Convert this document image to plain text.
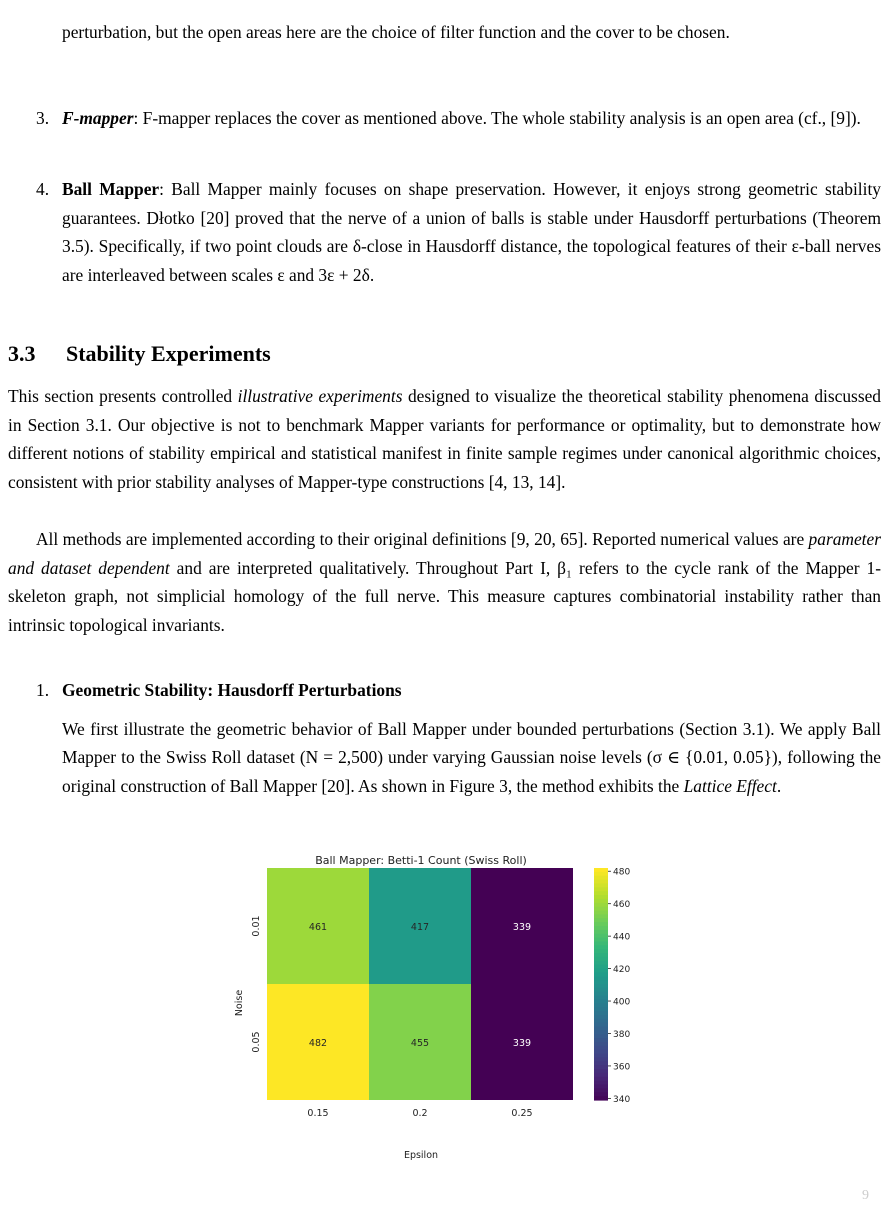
perturbation, but the open areas here are the choice of filter function and the cover to be chosen.

3. F-mapper: F-mapper replaces the cover as mentioned above. The whole stability analysis is an open area (cf., [9]).
4. Ball Mapper: Ball Mapper mainly focuses on shape preservation. However, it enjoys strong geometric stability guarantees. Dłotko [20] proved that the nerve of a union of balls is stable under Hausdorff perturbations (Theorem 3.5). Specifically, if two point clouds are δ-close in Hausdorff distance, the topological features of their ε-ball nerves are interleaved between scales ε and 3ε + 2δ.
3.3 Stability Experiments

This section presents controlled illustrative experiments designed to visualize the theoretical stability phenomena discussed in Section 3.1. Our objective is not to benchmark Mapper variants for performance or optimality, but to demonstrate how different notions of stability empirical and statistical manifest in finite sample regimes under canonical algorithmic choices, consistent with prior stability analyses of Mapper-type constructions [4, 13, 14].

All methods are implemented according to their original definitions [9, 20, 65]. Reported numerical values are parameter and dataset dependent and are interpreted qualitatively. Throughout Part I, β₁ refers to the cycle rank of the Mapper 1-skeleton graph, not simplicial homology of the full nerve. This measure captures combinatorial instability rather than intrinsic topological invariants.

1. Geometric Stability: Hausdorff Perturbations
We first illustrate the geometric behavior of Ball Mapper under bounded perturbations (Section 3.1). We apply Ball Mapper to the Swiss Roll dataset (N = 2,500) under varying Gaussian noise levels (σ ∈ {0.01, 0.05}), following the original construction of Ball Mapper [20]. As shown in Figure 3, the method exhibits the Lattice Effect.
Ball Mapper: Betti-1 Count (Swiss Roll)
Epsilon
Noise
461	417	339
482	455	339
0.15	0.2	0.25
0.01
0.05
480
460
440
420
400
380
360
340
9
